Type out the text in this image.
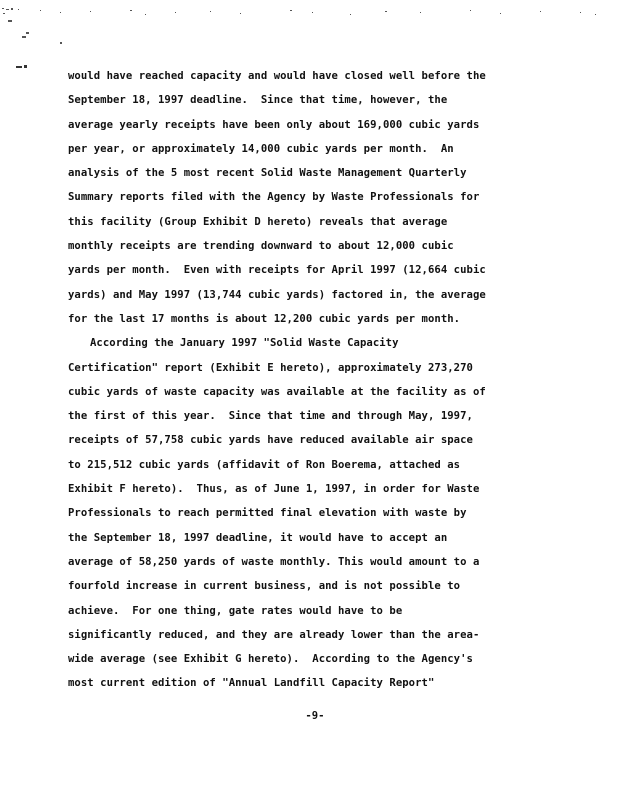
would have reached capacity and would have closed well before the
September 18, 1997 deadline.  Since that time, however, the
average yearly receipts have been only about 169,000 cubic yards
per year, or approximately 14,000 cubic yards per month.  An
analysis of the 5 most recent Solid Waste Management Quarterly
Summary reports filed with the Agency by Waste Professionals for
this facility (Group Exhibit D hereto) reveals that average
monthly receipts are trending downward to about 12,000 cubic
yards per month.  Even with receipts for April 1997 (12,664 cubic
yards) and May 1997 (13,744 cubic yards) factored in, the average
for the last 17 months is about 12,200 cubic yards per month.
According the January 1997 "Solid Waste Capacity
Certification" report (Exhibit E hereto), approximately 273,270
cubic yards of waste capacity was available at the facility as of
the first of this year.  Since that time and through May, 1997,
receipts of 57,758 cubic yards have reduced available air space
to 215,512 cubic yards (affidavit of Ron Boerema, attached as
Exhibit F hereto).  Thus, as of June 1, 1997, in order for Waste
Professionals to reach permitted final elevation with waste by
the September 18, 1997 deadline, it would have to accept an
average of 58,250 yards of waste monthly. This would amount to a
fourfold increase in current business, and is not possible to
achieve.  For one thing, gate rates would have to be
significantly reduced, and they are already lower than the area-
wide average (see Exhibit G hereto).  According to the Agency's
most current edition of "Annual Landfill Capacity Report"
-9-
